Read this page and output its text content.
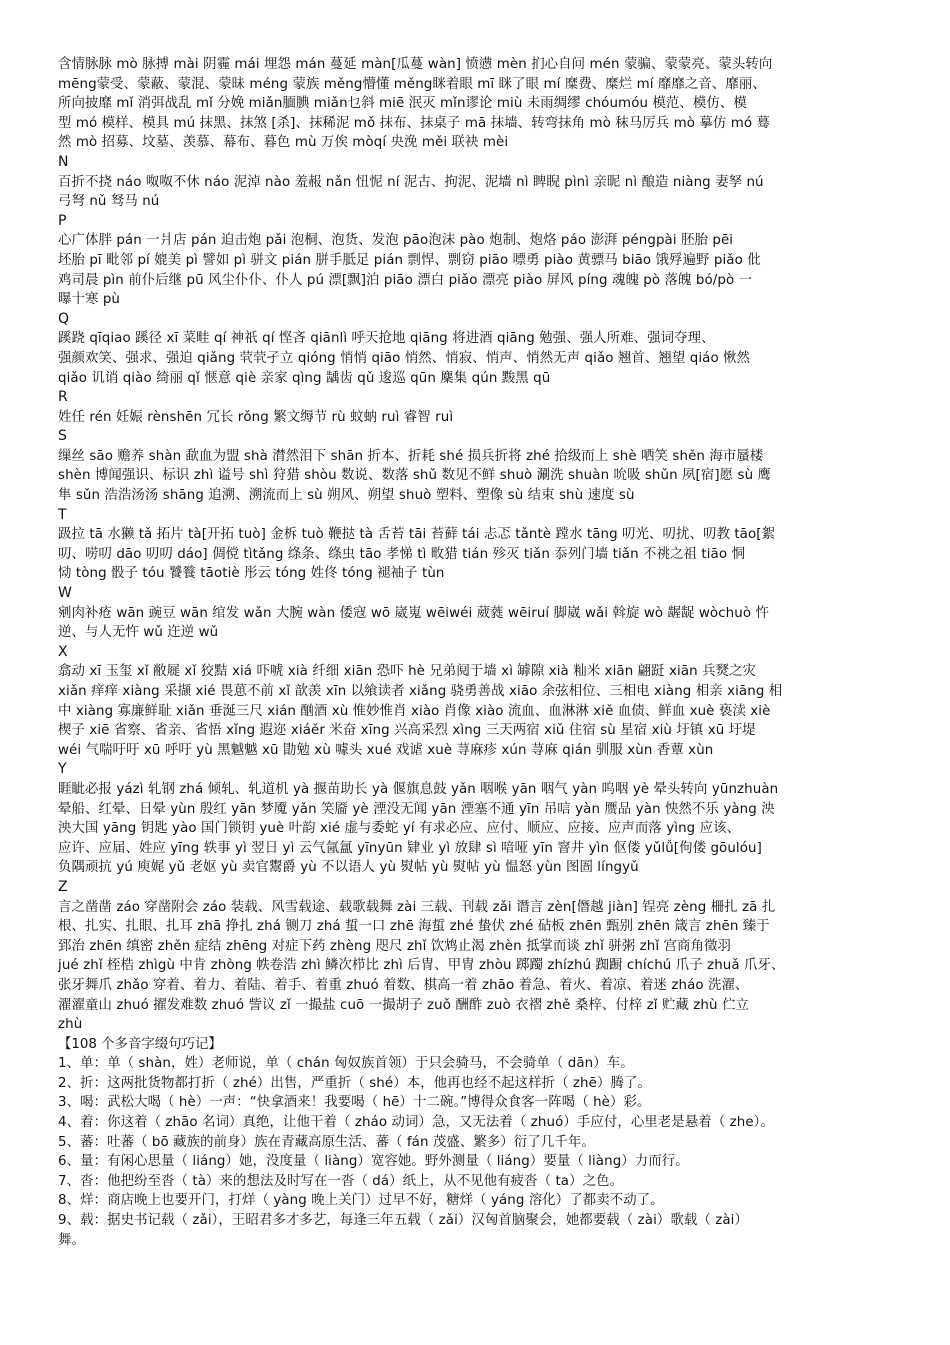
含情脉脉 mò 脉搏 mài 阴霾 mái 埋怨 mán 蔓延 màn[瓜蔓 wàn] 愤懑 mèn 扪心自问 mén 蒙骗、蒙蒙亮、蒙头转向
mēng蒙受、蒙蔽、蒙混、蒙昧 méng 蒙族 měng懵懂 měng眯着眼 mī 眯了眼 mí 糜费、糜烂 mí 靡靡之音、靡丽、
所向披靡 mǐ 消弭战乱 mǐ 分娩 miǎn腼腆 miǎn乜斜 miē 泯灭 mǐn谬论 miù 未雨绸缪 chóumóu 模范、模仿、模
型 mó 模样、模具 mú 抹黑、抹煞 [杀]、抹稀泥 mǒ 抹布、抹桌子 mā 抹墙、转弯抹角 mò 秣马厉兵 mò 摹仿 mó 蓦
然 mò 招募、坟墓、羡慕、幕布、暮色 mù 万俟 mòqí 央浼 měi 联袂 mèi
N
百折不挠 náo 呶呶不休 náo 泥淖 nào 羞赧 nǎn 忸怩 ní 泥古、拘泥、泥墙 nì 睥睨 pìnì 亲昵 nì 酿造 niàng 妻孥 nú
弓弩 nǔ 驽马 nú
P
心广体胖 pán 一爿店 pán 迫击炮 pǎi 泡桐、泡货、发泡 pāo泡沫 pào 炮制、炮烙 páo 澎湃 péngpài 胚胎 pēi
坯胎 pī 毗邻 pí 媲美 pì 譬如 pì 骈文 pián 胼手胝足 pián 剽悍、剽窃 piāo 嘌勇 piào 黄骠马 biāo 饿殍遍野 piǎo 仳
鸡司晨 pìn 前仆后继 pū 风尘仆仆、仆人 pú 漂[飘]泊 piāo 漂白 piǎo 漂亮 piào 屏风 píng 魂魄 pò 落魄 bó/pò 一
曝十寒 pù
Q
蹊跷 qīqiao 蹊径 xī 菜畦 qí 神祇 qí 悭吝 qiānlì 呼天抢地 qiāng 将进酒 qiāng 勉强、强人所难、强词夺理、
强颜欢笑、强求、强迫 qiǎng 茕茕孑立 qióng 悄悄 qiāo 悄然、悄寂、悄声、悄然无声 qiǎo 翘首、翘望 qiáo 愀然
qiǎo 讥诮 qiào 绮丽 qǐ 惬意 qiè 亲家 qìng 龋齿 qǔ 逡巡 qūn 麇集 qún 黢黑 qū
R
姓任 rén 妊娠 rènshēn 冗长 rǒng 繁文缛节 rù 蚊蚋 ruì 睿智 ruì
S
缫丝 sāo 赡养 shàn 歃血为盟 shà 潸然泪下 shān 折本、折耗 shé 损兵折将 zhé 拾级而上 shè 哂笑 shěn 海市蜃楼
shèn 博闻强识、标识 zhì 谥号 shì 狩猎 shòu 数说、数落 shǔ 数见不鲜 shuò 涮洗 shuàn 吮吸 shǔn 夙[宿]愿 sù 鹰
隼 sǔn 浩浩汤汤 shāng 追溯、溯流而上 sù 朔风、朔望 shuò 塑料、塑像 sù 结束 shù 速度 sù
T
趿拉 tā 水獭 tǎ 拓片 tà[开拓 tuò] 金柝 tuò 鞭挞 tà 舌苔 tāi 苔藓 tái 忐忑 tǎntè 蹚水 tāng 叨光、叨扰、叨教 tāo[絮
叨、唠叨 dāo 叨叨 dáo] 倜傥 tìtǎng 绦条、绦虫 tāo 孝悌 tì 畋猎 tián 殄灭 tiǎn 忝列门墙 tiǎn 不祧之祖 tiāo 恫
恸 tòng 骰子 tóu 饕餮 tāotiè 彤云 tóng 姓佟 tóng 褪袖子 tùn
W
剜肉补疮 wān 豌豆 wān 绾发 wǎn 大腕 wàn 倭寇 wō 崴嵬 wēiwéi 葳蕤 wēiruí 脚崴 wǎi 斡旋 wò 龌龊 wòchuò 忤
逆、与人无忤 wǔ 迕逆 wǔ
X
翕动 xī 玉玺 xǐ 敝屣 xǐ 狡黠 xiá 吓唬 xià 纤细 xiān 恐吓 hè 兄弟阋于墙 xì 罅隙 xià 籼米 xiān 翩跹 xiān 兵燹之灾
xiǎn 痒痒 xiàng 采撷 xié 畏葸不前 xǐ 歆羡 xīn 以飨读者 xiǎng 骁勇善战 xiāo 余弦相位、三相电 xiàng 相亲 xiāng 相
中 xiàng 寡廉鲜耻 xiǎn 垂涎三尺 xián 酗酒 xù 惟妙惟肖 xiào 肖像 xiào 流血、血淋淋 xiě 血债、鲜血 xuè 亵渎 xiè
楔子 xiē 省察、省亲、省悟 xǐng 遐迩 xiáěr 米奋 xīng 兴高采烈 xìng 三天两宿 xiǔ 住宿 sù 星宿 xiù 圩镇 xū 圩堤
wéi 气喘吁吁 xū 呼吁 yù 黑魆魆 xū 勖勉 xù 噱头 xué 戏谑 xuè 荨麻疹 xún 荨麻 qián 驯服 xùn 香蕈 xùn
Y
睚眦必报 yázì 轧钢 zhá 倾轧、轧道机 yà 揠苗助长 yà 偃旗息鼓 yǎn 咽喉 yān 咽气 yàn 呜咽 yè 晕头转向 yūnzhuàn
晕船、红晕、日晕 yùn 殷红 yān 梦魇 yǎn 笑靥 yè 湮没无闻 yān 湮塞不通 yīn 吊唁 yàn 赝品 yàn 怏然不乐 yàng 泱
泱大国 yāng 钥匙 yào 国门锁钥 yuè 叶韵 xié 虚与委蛇 yí 有求必应、应付、顺应、应接、应声而落 yìng 应该、
应许、应届、姓应 yīng 轶事 yì 翌日 yì 云气氤氲 yīnyūn 肄业 yì 放肆 sì 喑哑 yīn 窨井 yìn 伛偻 yǔlǚ[佝偻 gōulóu]
负隅顽抗 yú 庾娓 yǔ 老妪 yù 卖官鬻爵 yù 不以语人 yù 熨帖 yù 熨帖 yù 愠怒 yùn 图圄 língyǔ
Z
言之凿凿 záo 穿凿附会 záo 装载、风雪载途、载歌载舞 zài 三载、刊载 zǎi 谮言 zèn[僭越 jiàn] 锃亮 zèng 柵扎 zā 扎
根、扎实、扎眼、扎耳 zhā 挣扎 zhá 铡刀 zhá 蜇一口 zhē 海蜇 zhé 蛰伏 zhé 砧板 zhēn 甄别 zhēn 箴言 zhēn 臻于
郅治 zhēn 缜密 zhěn 症结 zhēng 对症下药 zhèng 咫尺 zhǐ 饮鸩止渴 zhèn 抵掌而谈 zhǐ 骈粥 zhǐ 宫商角徵羽
jué zhǐ 桎梏 zhìgù 中肯 zhòng 帙卷浩 zhì 鳞次栉比 zhì 后冑、甲冑 zhòu 踯躅 zhízhú 踟蹰 chíchú 爪子 zhuǎ 爪牙、
张牙舞爪 zhǎo 穿着、着力、着陆、着手、着重 zhuó 着数、棋高一着 zhāo 着急、着火、着凉、着迷 zháo 洗濯、
濯濯童山 zhuó 擢发难数 zhuó 訾议 zǐ 一撮盐 cuō 一撮胡子 zuǒ 酬酢 zuò 衣褶 zhě 桑梓、付梓 zǐ 贮藏 zhù 伫立
zhù
【108 个多音字缀句巧记】
1、单：单（ shàn，姓）老师说，单（ chán 匈奴族首领）于只会骑马，不会骑单（ dān）车。
2、折：这两批货物都打折（ zhé）出售，严重折（ shé）本，他再也经不起这样折（ zhē）腾了。
3、喝：武松大喝（ hè）一声：“快拿酒来！我要喝（ hē）十二碗。”博得众食客一阵喝（ hè）彩。
4、着：你这着（ zhāo 名词）真绝，让他干着（ zháo 动词）急，又无法着（ zhuó）手应付，心里老是悬着（ zhe）。
5、蕃：吐蕃（ bō 藏族的前身）族在青藏高原生活、蕃（ fán 茂盛、繁多）衍了几千年。
6、量：有闲心思量（ liáng）她，没度量（ liàng）宽容她。野外测量（ liáng）要量（ liàng）力而行。
7、沓：他把纷至沓（ tà）来的想法及时写在一沓（ dá）纸上，从不见他有疲沓（ ta）之色。
8、烊：商店晚上也要开门，打烊（ yàng 晚上关门）过早不好，糖烊（ yáng 溶化）了都卖不动了。
9、载：据史书记载（ zǎi），王昭君多才多艺，每逢三年五载（ zǎi）汉匈首脑聚会，她都要载（ zài）歌载（ zài）
舞。
